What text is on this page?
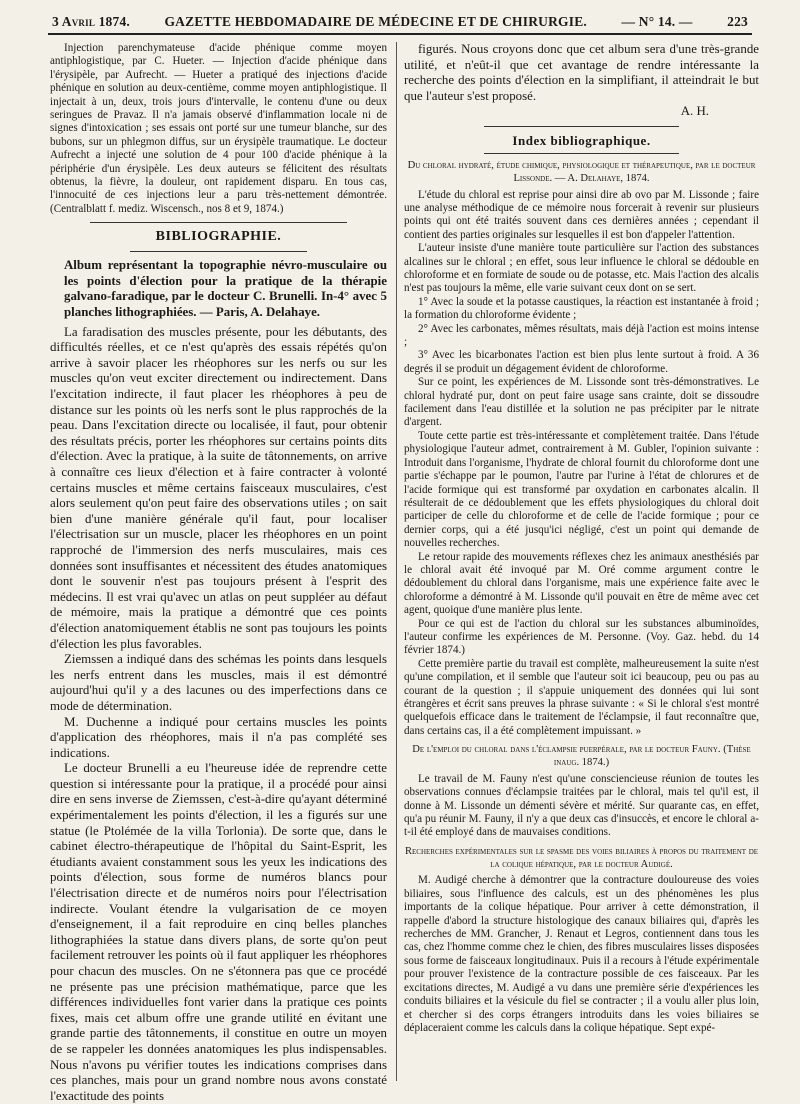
3 Avril 1874.	GAZETTE HEBDOMADAIRE DE MÉDECINE ET DE CHIRURGIE.	— N° 14. —	223

Injection parenchymateuse d'acide phénique comme moyen antiphlogistique, par C. Hueter. — Injection d'acide phénique dans l'érysipèle, par Aufrecht. — Hueter a pratiqué des injections d'acide phénique en solution au deux-centième, comme moyen antiphlogistique. Il injectait à un, deux, trois jours d'intervalle, le contenu d'une ou deux seringues de Pravaz. Il n'a jamais observé d'inflammation locale ni de signes d'intoxication ; ses essais ont porté sur une tumeur blanche, sur des bubons, sur un phlegmon diffus, sur un érysipèle traumatique. Le docteur Aufrecht a injecté une solution de 4 pour 100 d'acide phénique à la périphérie d'un érysipèle. Les deux auteurs se félicitent des résultats obtenus, la fièvre, la douleur, ont rapidement disparu. En tous cas, l'innocuité de ces injections leur a paru très-nettement démontrée. (Centralblatt f. mediz. Wiscensch., nos 8 et 9, 1874.)

BIBLIOGRAPHIE.

Album représentant la topographie névro-musculaire ou les points d'élection pour la pratique de la thérapie galvano-faradique, par le docteur C. Brunelli. In-4° avec 5 planches lithographiées. — Paris, A. Delahaye.

La faradisation des muscles présente, pour les débutants, des difficultés réelles, et ce n'est qu'après des essais répétés qu'on arrive à savoir placer les rhéophores sur les nerfs ou sur les muscles qu'on veut exciter directement ou indirectement. Dans l'excitation indirecte, il faut placer les rhéophores à peu de distance sur les points où les nerfs sont le plus rapprochés de la peau. Dans l'excitation directe ou localisée, il faut, pour obtenir des résultats précis, porter les rhéophores sur certains points dits d'élection. Avec la pratique, à la suite de tâtonnements, on arrive à connaître ces lieux d'élection et à faire contracter à volonté certains muscles et même certains faisceaux musculaires, c'est alors seulement qu'on peut faire des observations utiles ; on sait bien d'une manière générale qu'il faut, pour localiser l'électrisation sur un muscle, placer les rhéophores en un point rapproché de l'immersion des nerfs musculaires, mais ces données sont insuffisantes et nécessitent des études anatomiques dont le souvenir n'est pas toujours présent à l'esprit des médecins. Il est vrai qu'avec un atlas on peut suppléer au défaut de mémoire, mais la pratique a démontré que ces points d'élection anatomiquement établis ne sont pas toujours les points d'élection les plus favorables.

Ziemssen a indiqué dans des schémas les points dans lesquels les nerfs entrent dans les muscles, mais il est démontré aujourd'hui qu'il y a des lacunes ou des imperfections dans ce mode de détermination.

M. Duchenne a indiqué pour certains muscles les points d'application des rhéophores, mais il n'a pas complété ses indications.

Le docteur Brunelli a eu l'heureuse idée de reprendre cette question si intéressante pour la pratique, il a procédé pour ainsi dire en sens inverse de Ziemssen, c'est-à-dire qu'ayant déterminé expérimentalement les points d'élection, il les a figurés sur une statue (le Ptolémée de la villa Torlonia). De sorte que, dans le cabinet électro-thérapeutique de l'hôpital du Saint-Esprit, les étudiants avaient constamment sous les yeux les indications des points d'élection, sous forme de numéros blancs pour l'électrisation directe et de numéros noirs pour l'électrisation indirecte. Voulant étendre la vulgarisation de ce moyen d'enseignement, il a fait reproduire en cinq belles planches lithographiées la statue dans divers plans, de sorte qu'on peut facilement retrouver les points où il faut appliquer les rhéophores pour chacun des muscles. On ne s'étonnera pas que ce procédé ne présente pas une précision mathématique, parce que les différences individuelles font varier dans la pratique ces points fixes, mais cet album offre une grande utilité en évitant une grande partie des tâtonnements, il constitue en outre un moyen de se rappeler les données anatomiques les plus indispensables. Nous n'avons pu vérifier toutes les indications comprises dans ces planches, mais pour un grand nombre nous avons constaté l'exactitude des points

figurés. Nous croyons donc que cet album sera d'une très-grande utilité, et n'eût-il que cet avantage de rendre intéressante la recherche des points d'élection en la simplifiant, il atteindrait le but que l'auteur s'est proposé.

A. H.

Index bibliographique.

Du chloral hydraté, étude chimique, physiologique et thérapeutique, par le docteur Lissonde. — A. Delahaye, 1874.

L'étude du chloral est reprise pour ainsi dire ab ovo par M. Lissonde ; faire une analyse méthodique de ce mémoire nous forcerait à revenir sur plusieurs points qui ont été traités souvent dans ces dernières années ; cependant il contient des parties originales sur lesquelles il est bon d'appeler l'attention.

L'auteur insiste d'une manière toute particulière sur l'action des substances alcalines sur le chloral ; en effet, sous leur influence le chloral se dédouble en chloroforme et en formiate de soude ou de potasse, etc. Mais l'action des alcalis n'est pas toujours la même, elle varie suivant ceux dont on se sert.

1° Avec la soude et la potasse caustiques, la réaction est instantanée à froid ; la formation du chloroforme évidente ;

2° Avec les carbonates, mêmes résultats, mais déjà l'action est moins intense ;

3° Avec les bicarbonates l'action est bien plus lente surtout à froid. A 36 degrés il se produit un dégagement évident de chloroforme.

Sur ce point, les expériences de M. Lissonde sont très-démonstratives. Le chloral hydraté pur, dont on peut faire usage sans crainte, doit se dissoudre facilement dans l'eau distillée et la solution ne pas précipiter par le nitrate d'argent.

Toute cette partie est très-intéressante et complètement traitée. Dans l'étude physiologique l'auteur admet, contrairement à M. Gubler, l'opinion suivante : Introduit dans l'organisme, l'hydrate de chloral fournit du chloroforme dont une partie s'échappe par le poumon, l'autre par l'urine à l'état de chlorures et de l'acide formique qui est transformé par oxydation en carbonates alcalin. Il résulterait de ce dédoublement que les effets physiologiques du chloral doit participer de celle du chloroforme et de celle de l'acide formique ; pour ce dernier corps, qui a été jusqu'ici négligé, c'est un point qui demande de nouvelles recherches.

Le retour rapide des mouvements réflexes chez les animaux anesthésiés par le chloral avait été invoqué par M. Oré comme argument contre le dédoublement du chloral dans l'organisme, mais une expérience faite avec le chloroforme a démontré à M. Lissonde qu'il pouvait en être de même avec cet agent, quoique d'une manière plus lente.

Pour ce qui est de l'action du chloral sur les substances albuminoïdes, l'auteur confirme les expériences de M. Personne. (Voy. Gaz. hebd. du 14 février 1874.)

Cette première partie du travail est complète, malheureusement la suite n'est qu'une compilation, et il semble que l'auteur soit ici beaucoup, peu ou pas au courant de la question ; il s'appuie uniquement des données qui lui sont étrangères et écrit sans preuves la phrase suivante : « Si le chloral s'est montré quelquefois efficace dans le traitement de l'éclampsie, il faut reconnaître que, dans certains cas, il a été complètement impuissant. »

De l'emploi du chloral dans l'éclampsie puerpérale, par le docteur Fauny. (Thèse inaug. 1874.)

Le travail de M. Fauny n'est qu'une consciencieuse réunion de toutes les observations connues d'éclampsie traitées par le chloral, mais tel qu'il est, il donne à M. Lissonde un démenti sévère et mérité. Sur quarante cas, en effet, qu'a pu réunir M. Fauny, il n'y a que deux cas d'insuccès, et encore le chloral a-t-il été employé dans de mauvaises conditions.

Recherches expérimentales sur le spasme des voies biliaires à propos du traitement de la colique hépatique, par le docteur Audigé.

M. Audigé cherche à démontrer que la contracture douloureuse des voies biliaires, sous l'influence des calculs, est un des phénomènes les plus importants de la colique hépatique. Pour arriver à cette démonstration, il rappelle d'abord la structure histologique des canaux biliaires qui, d'après les recherches de MM. Grancher, J. Renaut et Legros, contiennent dans tous les cas, chez l'homme comme chez le chien, des fibres musculaires lisses disposées sous forme de faisceaux longitudinaux. Puis il a recours à l'étude expérimentale pour prouver l'existence de la contracture possible de ces faisceaux. Par les excitations directes, M. Audigé a vu dans une première série d'expériences les conduits biliaires et la vésicule du fiel se contracter ; il a voulu aller plus loin, et chercher si des corps étrangers introduits dans les voies biliaires se déplaceraient comme les calculs dans la colique hépatique. Sept expé-
